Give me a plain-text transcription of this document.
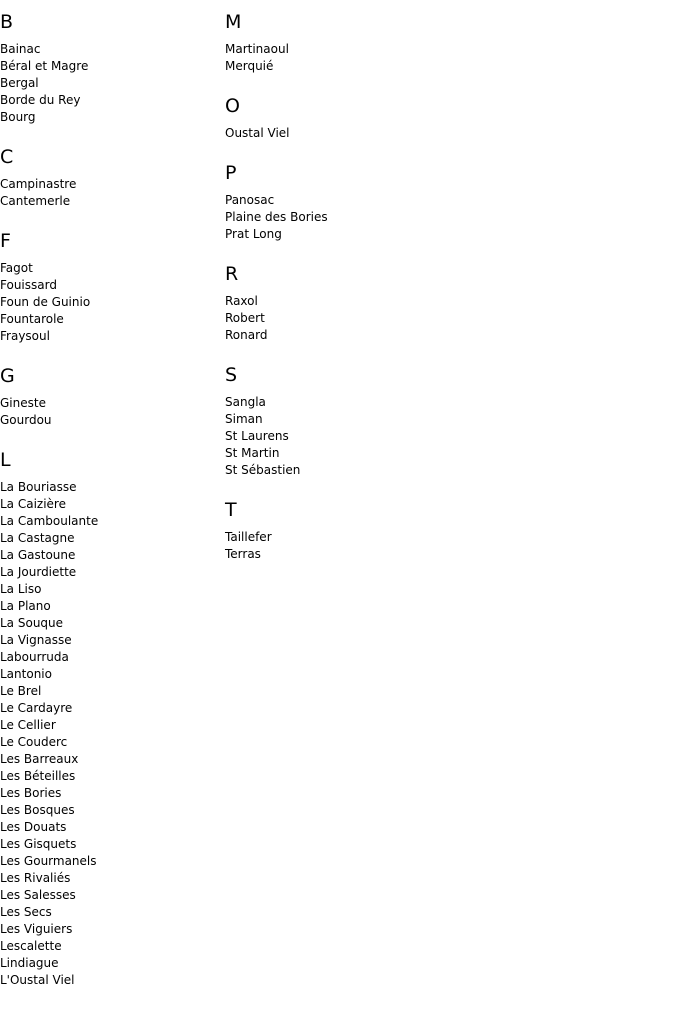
B
Bainac
Béral et Magre
Bergal
Borde du Rey
Bourg
C
Campinastre
Cantemerle
F
Fagot
Fouissard
Foun de Guinio
Fountarole
Fraysoul
G
Gineste
Gourdou
L
La Bouriasse
La Caizière
La Camboulante
La Castagne
La Gastoune
La Jourdiette
La Liso
La Plano
La Souque
La Vignasse
Labourruda
Lantonio
Le Brel
Le Cardayre
Le Cellier
Le Couderc
Les Barreaux
Les Béteilles
Les Bories
Les Bosques
Les Douats
Les Gisquets
Les Gourmanels
Les Rivaliés
Les Salesses
Les Secs
Les Viguiers
Lescalette
Lindiague
L'Oustal Viel
M
Martinaoul
Merquié
O
Oustal Viel
P
Panosac
Plaine des Bories
Prat Long
R
Raxol
Robert
Ronard
S
Sangla
Siman
St Laurens
St Martin
St Sébastien
T
Taillefer
Terras
